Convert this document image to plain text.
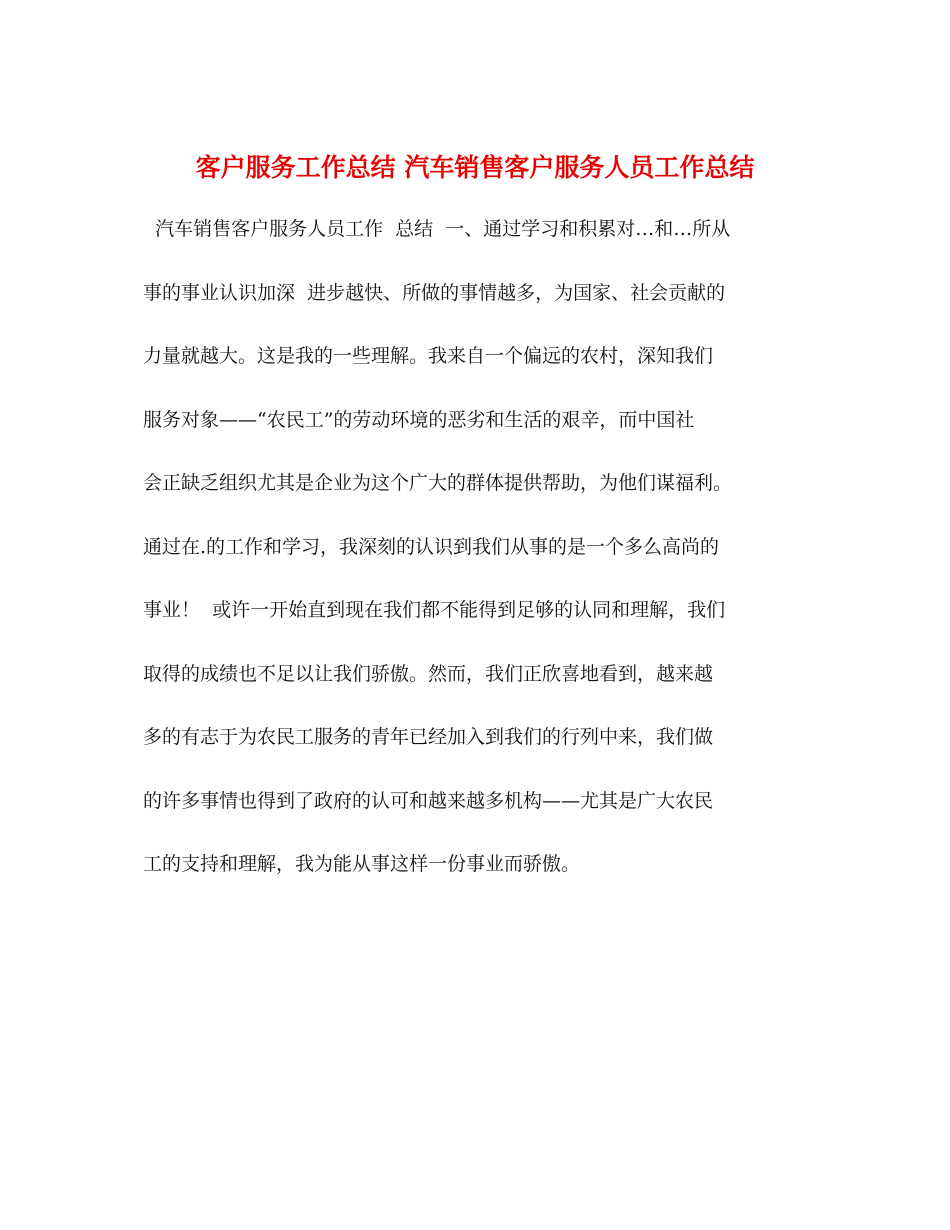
客户服务工作总结 汽车销售客户服务人员工作总结
汽车销售客户服务人员工作  总结  一、通过学习和积累对…和…所从
事的事业认识加深  进步越快、所做的事情越多，为国家、社会贡献的
力量就越大。这是我的一些理解。我来自一个偏远的农村，深知我们
服务对象——“农民工”的劳动环境的恶劣和生活的艰辛，而中国社
会正缺乏组织尤其是企业为这个广大的群体提供帮助，为他们谋福利。
通过在.的工作和学习，我深刻的认识到我们从事的是一个多么高尚的
事业！  或许一开始直到现在我们都不能得到足够的认同和理解，我们
取得的成绩也不足以让我们骄傲。然而，我们正欣喜地看到，越来越
多的有志于为农民工服务的青年已经加入到我们的行列中来，我们做
的许多事情也得到了政府的认可和越来越多机构——尤其是广大农民
工的支持和理解，我为能从事这样一份事业而骄傲。
